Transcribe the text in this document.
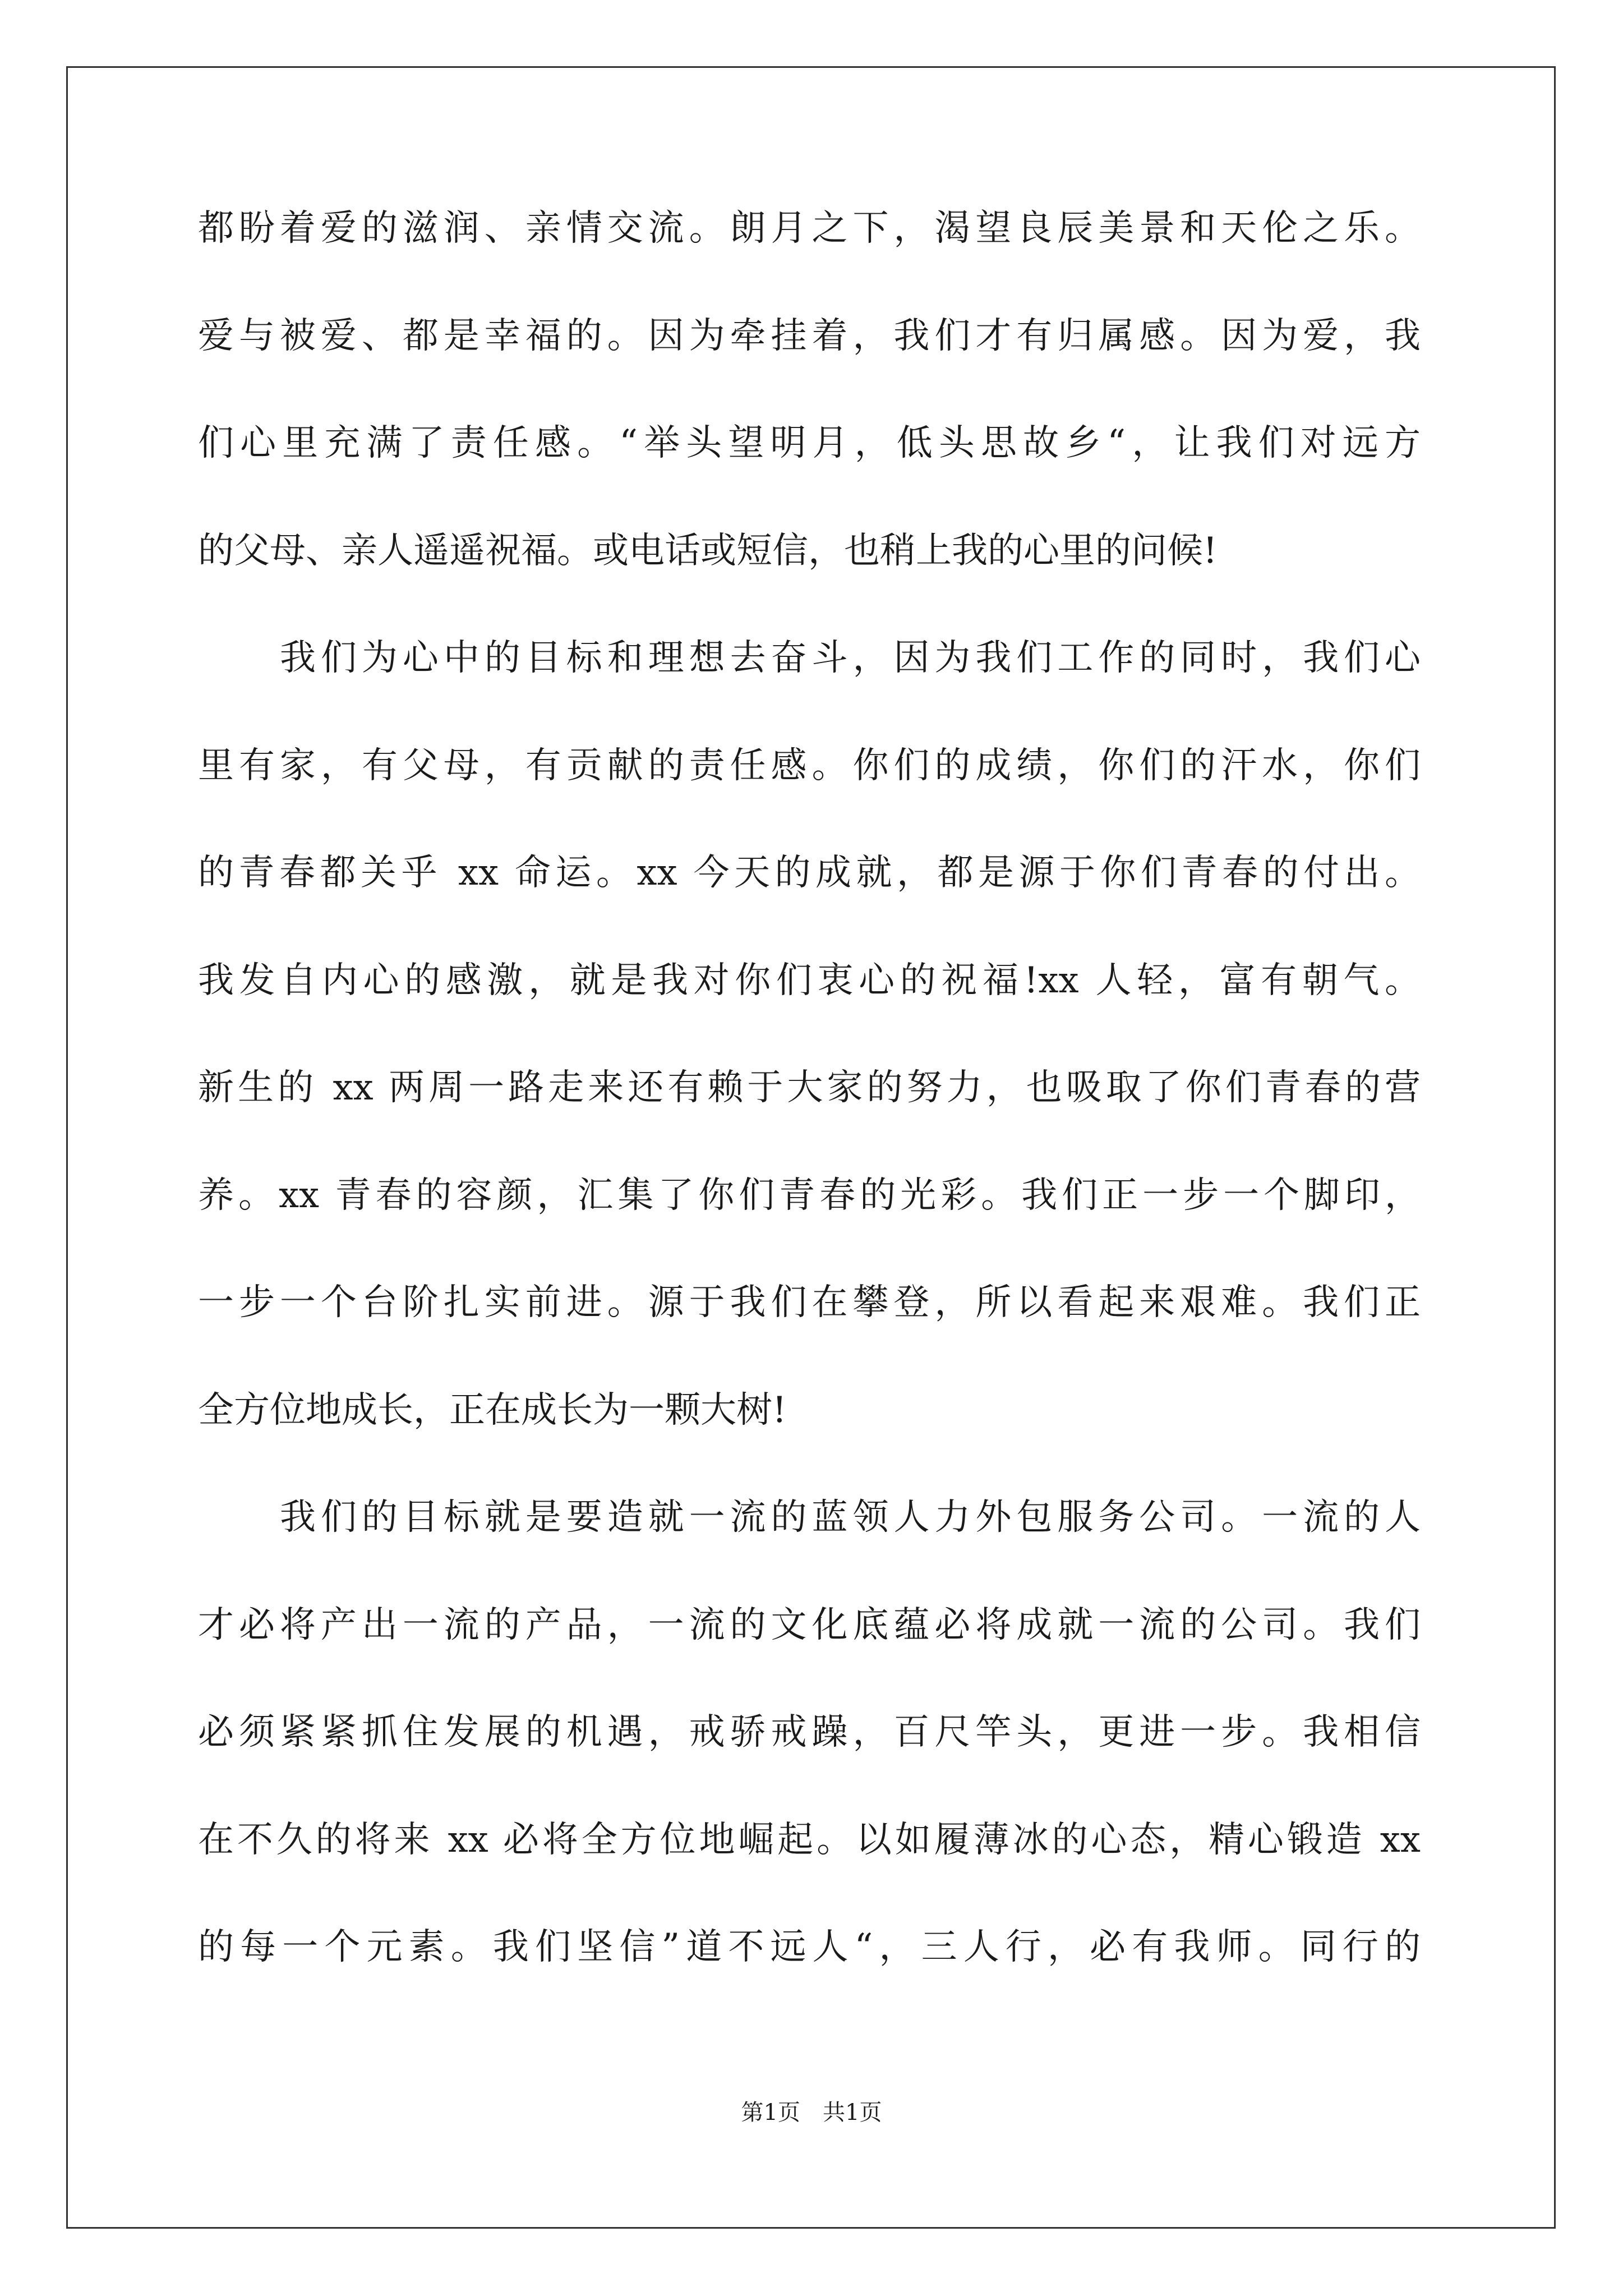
都盼着爱的滋润、亲情交流。朗月之下，渴望良辰美景和天伦之乐。
爱与被爱、都是幸福的。因为牵挂着，我们才有归属感。因为爱，我
们心里充满了责任感。“举头望明月，低头思故乡“，让我们对远方
的父母、亲人遥遥祝福。或电话或短信，也稍上我的心里的问候!
我们为心中的目标和理想去奋斗，因为我们工作的同时，我们心
里有家，有父母，有贡献的责任感。你们的成绩，你们的汗水，你们
的青春都关乎 xx 命运。xx 今天的成就，都是源于你们青春的付出。
我发自内心的感激，就是我对你们衷心的祝福!xx 人轻，富有朝气。
新生的 xx 两周一路走来还有赖于大家的努力，也吸取了你们青春的营
养。xx 青春的容颜，汇集了你们青春的光彩。我们正一步一个脚印，
一步一个台阶扎实前进。源于我们在攀登，所以看起来艰难。我们正
全方位地成长，正在成长为一颗大树!
我们的目标就是要造就一流的蓝领人力外包服务公司。一流的人
才必将产出一流的产品，一流的文化底蕴必将成就一流的公司。我们
必须紧紧抓住发展的机遇，戒骄戒躁，百尺竿头，更进一步。我相信
在不久的将来 xx 必将全方位地崛起。以如履薄冰的心态，精心锻造 xx
的每一个元素。我们坚信”道不远人“，三人行，必有我师。同行的
第1页 共1页
